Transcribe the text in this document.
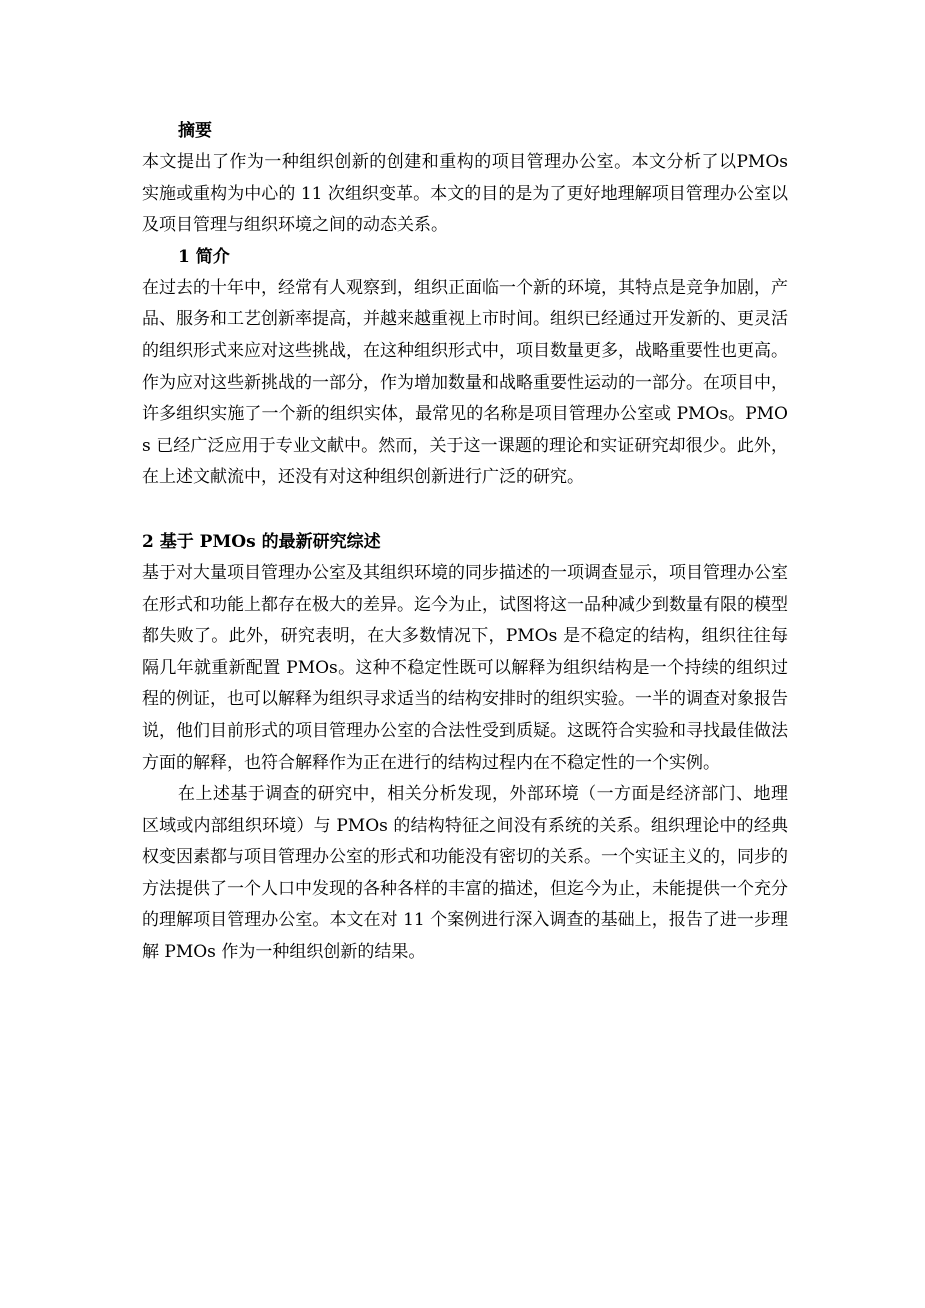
摘要

本文提出了作为一种组织创新的创建和重构的项目管理办公室。本文分析了以PMOs 实施或重构为中心的 11 次组织变革。本文的目的是为了更好地理解项目管理办公室以及项目管理与组织环境之间的动态关系。

1 简介

在过去的十年中，经常有人观察到，组织正面临一个新的环境，其特点是竞争加剧，产品、服务和工艺创新率提高，并越来越重视上市时间。组织已经通过开发新的、更灵活的组织形式来应对这些挑战，在这种组织形式中，项目数量更多，战略重要性也更高。作为应对这些新挑战的一部分，作为增加数量和战略重要性运动的一部分。在项目中，许多组织实施了一个新的组织实体，最常见的名称是项目管理办公室或 PMOs。PMOs 已经广泛应用于专业文献中。然而，关于这一课题的理论和实证研究却很少。此外，在上述文献流中，还没有对这种组织创新进行广泛的研究。

2 基于 PMOs 的最新研究综述

基于对大量项目管理办公室及其组织环境的同步描述的一项调查显示，项目管理办公室在形式和功能上都存在极大的差异。迄今为止，试图将这一品种减少到数量有限的模型都失败了。此外，研究表明，在大多数情况下，PMOs 是不稳定的结构，组织往往每隔几年就重新配置 PMOs。这种不稳定性既可以解释为组织结构是一个持续的组织过程的例证，也可以解释为组织寻求适当的结构安排时的组织实验。一半的调查对象报告说，他们目前形式的项目管理办公室的合法性受到质疑。这既符合实验和寻找最佳做法方面的解释，也符合解释作为正在进行的结构过程内在不稳定性的一个实例。

在上述基于调查的研究中，相关分析发现，外部环境（一方面是经济部门、地理区域或内部组织环境）与 PMOs 的结构特征之间没有系统的关系。组织理论中的经典权变因素都与项目管理办公室的形式和功能没有密切的关系。一个实证主义的，同步的方法提供了一个人口中发现的各种各样的丰富的描述，但迄今为止，未能提供一个充分的理解项目管理办公室。本文在对 11 个案例进行深入调查的基础上，报告了进一步理解 PMOs 作为一种组织创新的结果。
